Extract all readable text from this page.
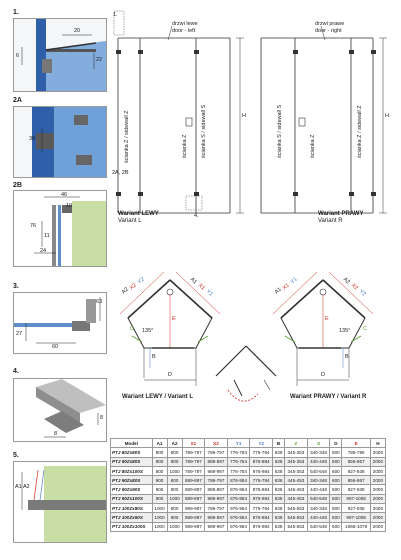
1.
20
6
22
2A
38
2B
46
10
76
11
24
3.
63
27
60
4.
8
8
5.
A1 A2
1.
drzwi lewe
door - left
ścianka Z / sidewall Z	ścianka S / sidewall S
ścianka Z
H
2A, 2B
4.
Wariant LEWY
Variant L
drzwi prawe
door - right
ścianka S / sidewall S	ścianka Z / sidewall Z
ścianka Z
H
Wariant PRAWY
Variant R
A2
X2
Y2	A1
X1
Y1
135°
E
B
C
D
Wariant LEWY / Variant L
A1
X1
Y1	A2
X2
Y2
135°
E
B
C
D
Wariant PRAWY / Variant R
Model	A1	A2	X1	X2	Y1	Y2	B	Z	S	D	E	H
PTJ 80Zx80S	800	800	789-797	789-797	776-784	776-784	638	345-353	340-348	600	785-796	2000
PTJ 90Zx80S	800	900	789-797	889-897	776-784	876-884	638	345-353	440-448	600	856-867	2000
PTJ 80Zx100S	800	1000	789-797	989-997	776-784	976-984	638	345-353	540-548	600	927-938	2000
PTJ 90Zx80S	900	800	889-897	789-797	876-884	776-784	638	445-453	340-348	600	856-867	2000
PTJ 90Zx90S	900	900	889-897	889-897	876-884	876-884	638	445-453	440-448	600	927-938	2000
PTJ 90Zx100S	900	1000	889-897	989-997	876-884	976-984	638	445-453	540-548	600	997-1008	2000
PTJ 100Zx80S	1000	800	989-997	789-797	976-984	776-784	638	545-553	340-348	600	927-938	2000
PTJ 100Zx90S	1000	900	989-997	889-897	976-984	876-884	638	545-553	440-448	600	997-1008	2000
PTJ 100Zx100S	1000	1000	989-997	989-997	976-984	976-984	638	545-553	540-548	600	1068-1079	2000
